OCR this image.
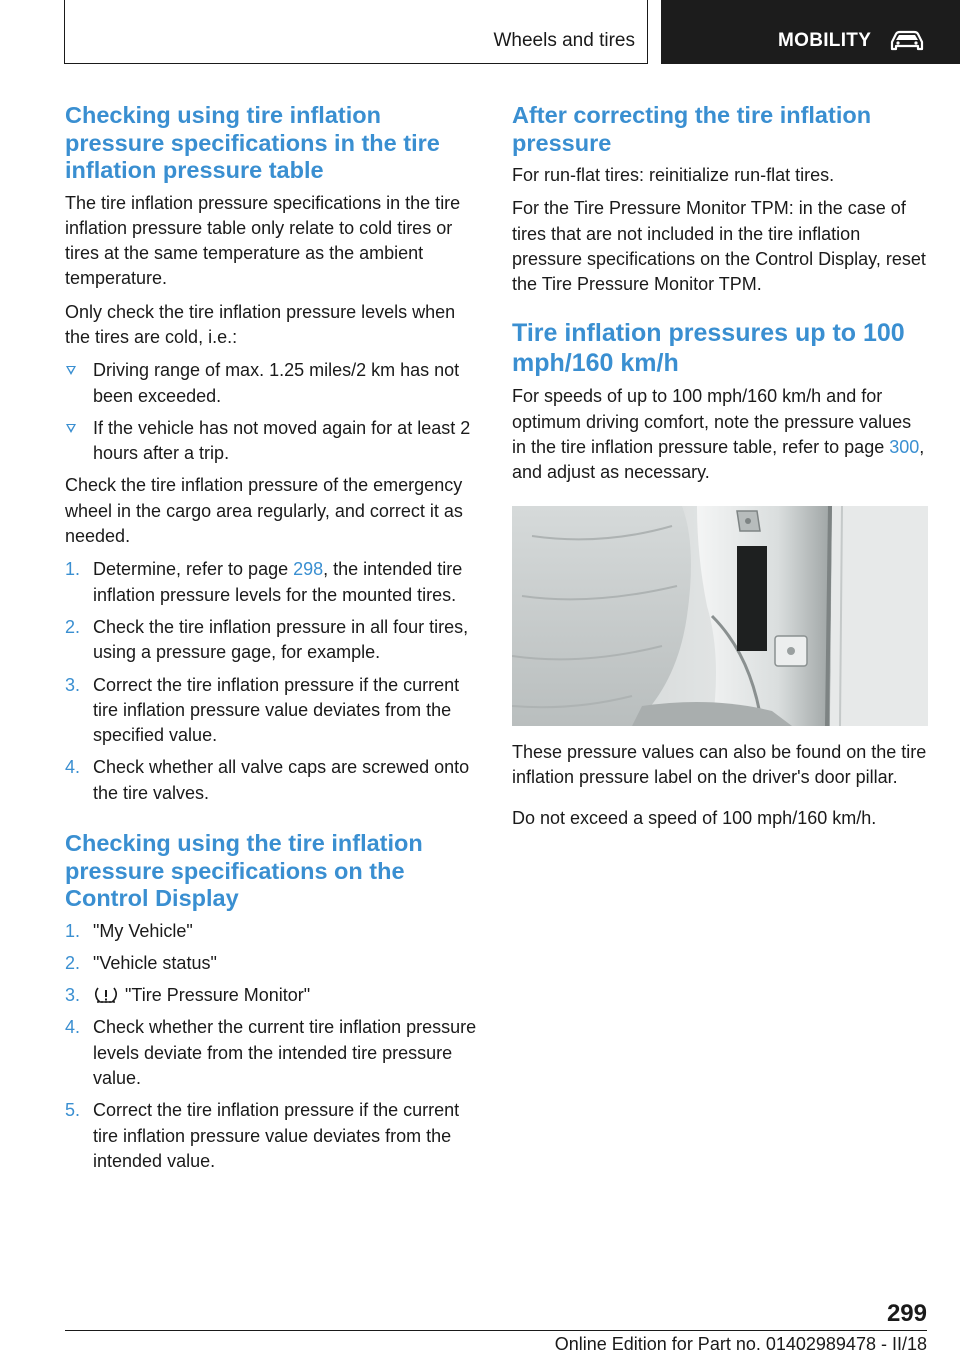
Wheels and tires	MOBILITY
Checking using tire inflation pressure specifications in the tire inflation pressure table

The tire inflation pressure specifications in the tire inflation pressure table only relate to cold tires or tires at the same temperature as the ambient temperature.

Only check the tire inflation pressure levels when the tires are cold, i.e.:

Driving range of max. 1.25 miles/2 km has not been exceeded.
If the vehicle has not moved again for at least 2 hours after a trip.

Check the tire inflation pressure of the emergency wheel in the cargo area regularly, and correct it as needed.

1. Determine, refer to page 298, the intended tire inflation pressure levels for the mounted tires.
2. Check the tire inflation pressure in all four tires, using a pressure gage, for example.
3. Correct the tire inflation pressure if the current tire inflation pressure value deviates from the specified value.
4. Check whether all valve caps are screwed onto the tire valves.
Checking using the tire inflation pressure specifications on the Control Display
1. "My Vehicle"
2. "Vehicle status"
3. "Tire Pressure Monitor"
4. Check whether the current tire inflation pressure levels deviate from the intended tire pressure value.
5. Correct the tire inflation pressure if the current tire inflation pressure value deviates from the intended value.
After correcting the tire inflation pressure

For run-flat tires: reinitialize run-flat tires.

For the Tire Pressure Monitor TPM: in the case of tires that are not included in the tire inflation pressure specifications on the Control Display, reset the Tire Pressure Monitor TPM.

Tire inflation pressures up to 100 mph/160 km/h

For speeds of up to 100 mph/160 km/h and for optimum driving comfort, note the pressure values in the tire inflation pressure table, refer to page 300, and adjust as necessary.

These pressure values can also be found on the tire inflation pressure label on the driver's door pillar.

Do not exceed a speed of 100 mph/160 km/h.

299
Online Edition for Part no. 01402989478 - II/18
